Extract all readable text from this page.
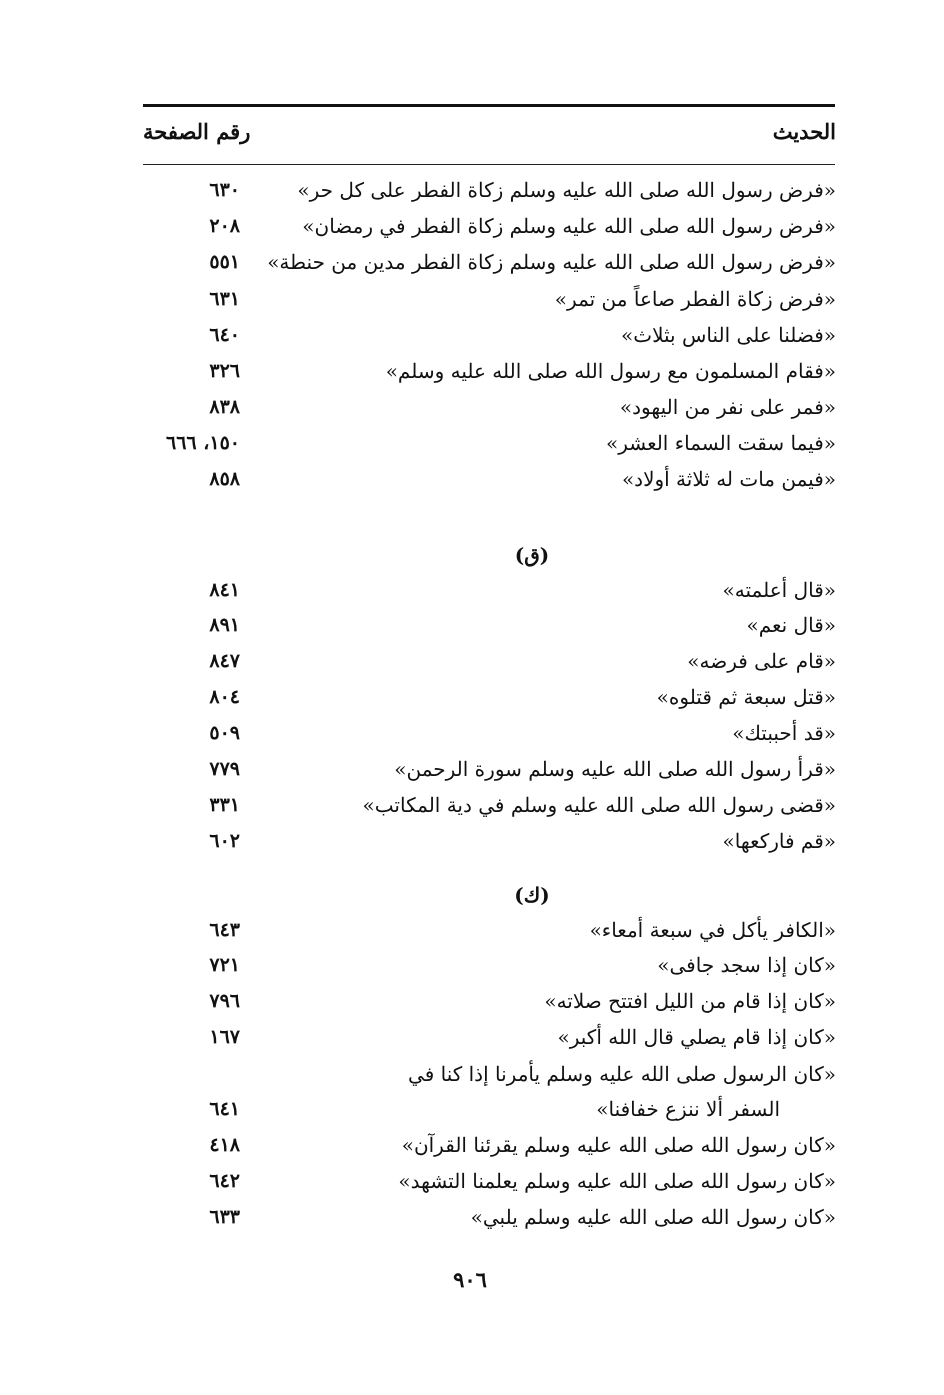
الحديث
رقم الصفحة
«فرض رسول الله صلى الله عليه وسلم زكاة الفطر على كل حر»
٦٣٠
«فرض رسول الله صلى الله عليه وسلم زكاة الفطر في رمضان»
٢٠٨
«فرض رسول الله صلى الله عليه وسلم زكاة الفطر مدين من حنطة»
٥٥١
«فرض زكاة الفطر صاعاً من تمر»
٦٣١
«فضلنا على الناس بثلاث»
٦٤٠
«فقام المسلمون مع رسول الله صلى الله عليه وسلم»
٣٢٦
«فمر على نفر من اليهود»
٨٣٨
«فيما سقت السماء العشر»
١٥٠، ٦٦٦
«فيمن مات له ثلاثة أولاد»
٨٥٨
(ق)
«قال أعلمته»
٨٤١
«قال نعم»
٨٩١
«قام على فرضه»
٨٤٧
«قتل سبعة ثم قتلوه»
٨٠٤
«قد أحببتك»
٥٠٩
«قرأ رسول الله صلى الله عليه وسلم سورة الرحمن»
٧٧٩
«قضى رسول الله صلى الله عليه وسلم في دية المكاتب»
٣٣١
«قم فاركعها»
٦٠٢
(ك)
«الكافر يأكل في سبعة أمعاء»
٦٤٣
«كان إذا سجد جافى»
٧٢١
«كان إذا قام من الليل افتتح صلاته»
٧٩٦
«كان إذا قام يصلي قال الله أكبر»
١٦٧
«كان الرسول صلى الله عليه وسلم يأمرنا إذا كنا في
السفر ألا ننزع خفافنا»
٦٤١
«كان رسول الله صلى الله عليه وسلم يقرئنا القرآن»
٤١٨
«كان رسول الله صلى الله عليه وسلم يعلمنا التشهد»
٦٤٢
«كان رسول الله صلى الله عليه وسلم يلبي»
٦٣٣
٩٠٦
